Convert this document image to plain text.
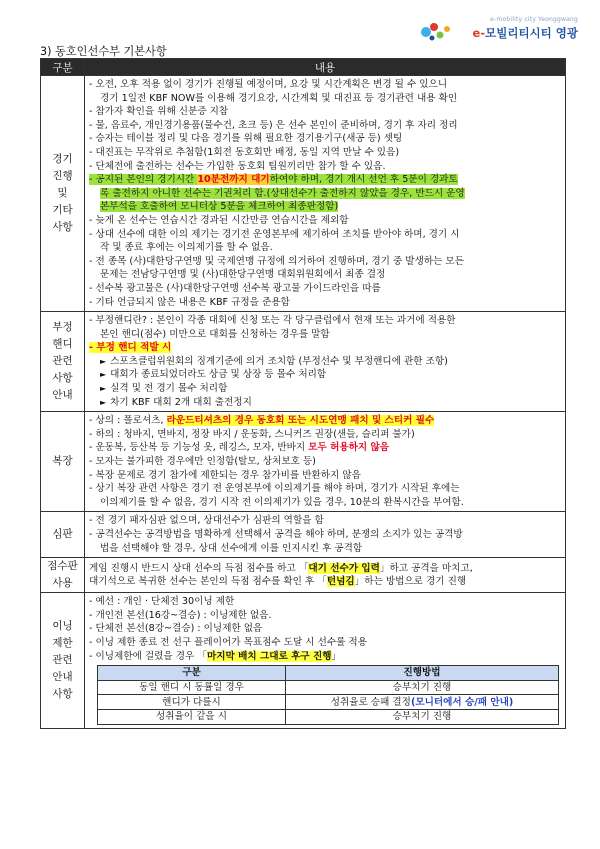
e-mobility city Yeonggwang
e-모빌리티시티 영광
3) 동호인선수부 기본사항
구분	내용

경기
진행
및
기타
사항

- 오전, 오후 적용 없이 경기가 진행될 예정이며, 요강 및 시간계획은 변경 될 수 있으니
경기 1일전 KBF NOW를 이용해 경기요강, 시간계획 및 대진표 등 경기관련 내용 확인
- 참가자 확인을 위해 신분증 지참
- 물, 음료수, 개인경기용품(물수건, 초크 등) 은 선수 본인이 준비하며, 경기 후 자리 정리
- 승자는 테이블 정리 및 다음 경기를 위해 필요한 경기용기구(새공 등) 셋팅
- 대진표는 무작위로 추첨함(1회전 동호회만 배정, 동일 지역 만날 수 있음)
- 단체전에 출전하는 선수는 가입한 동호회 팀원끼리만 참가 할 수 있음.
- 공지된 본인의 경기시간 10분전까지 대기하여야 하며, 경기 개시 선언 후 5분이 경과토
록 출전하지 아니한 선수는 기권처리 함.(상대선수가 출전하지 않았을 경우, 반드시 운영
본부석을 호출하여 모니터상 5분을 체크하여 최종판정함)
- 늦게 온 선수는 연습시간 경과된 시간만큼 연습시간을 제외함
- 상대 선수에 대한 이의 제기는 경기전 운영본부에 제기하여 조치를 받아야 하며, 경기 시
작 및 종료 후에는 이의제기를 할 수 없음.
- 전 종목 (사)대한당구연맹 및 국제연맹 규정에 의거하여 진행하며, 경기 중 발생하는 모든
문제는 전남당구연맹 및 (사)대한당구연맹 대회위원회에서 최종 결정
- 선수복 광고물은 (사)대한당구연맹 선수복 광고물 가이드라인을 따름
- 기타 언급되지 않은 내용은 KBF 규정을 준용함

부정
핸디
관련
사항
안내

- 부정핸디란? : 본인이 각종 대회에 신청 또는 각 당구클럽에서 현재 또는 과거에 적용한
본인 핸디(점수) 미만으로 대회를 신청하는 경우를 말함
- 부정 핸디 적발 시
► 스포츠클럽위원회의 징계기준에 의거 조치함 (부정선수 및 부정핸디에 관한 조항)
► 대회가 종료되었더라도 상금 및 상장 등 몰수 처리함
► 실격 및 전 경기 몰수 처리함
► 차기 KBF 대회 2개 대회 출전정지

복장

- 상의 : 폴로셔츠, 라운드티셔츠의 경우 동호회 또는 시도연맹 패치 및 스티커 필수
- 하의 : 청바지, 면바지, 정장 바지 / 운동화, 스니커즈 권장(샌들, 슬리퍼 불가)
- 운동복, 등산복 등 기능성 옷, 레깅스, 모자, 반바지 모두 허용하지 않음
- 모자는 불가피한 경우에만 인정함(탈모, 상처보호 등)
- 복장 문제로 경기 참가에 제한되는 경우 참가비를 반환하지 않음
- 상기 복장 관련 사항은 경기 전 운영본부에 이의제기를 해야 하며, 경기가 시작된 후에는
이의제기를 할 수 없음, 경기 시작 전 이의제기가 있을 경우, 10분의 환복시간을 부여함.

심판

- 전 경기 패자심판 없으며, 상대선수가 심판의 역할을 함
- 공격선수는 공격방법을 명확하게 선택해서 공격을 해야 하며, 분쟁의 소지가 있는 공격방
법을 선택해야 할 경우, 상대 선수에게 이를 인지시킨 후 공격함

점수판
사용

게임 진행시 반드시 상대 선수의 득점 점수를 하고 「대기 선수가 입력」하고 공격을 마치고,
대기석으로 복귀한 선수는 본인의 득점 점수를 확인 후 「턴넘김」하는 방법으로 경기 진행

이닝
제한
관련
안내
사항

- 예선 : 개인 · 단체전 30이닝 제한
- 개인전 본선(16강~결승) : 이닝제한 없음.
- 단체전 본선(8강~결승) : 이닝제한 없음
- 이닝 제한 종료 전 선구 플레이어가 목표점수 도달 시 선수룰 적용
- 이닝제한에 걸렸을 경우 「마지막 배치 그대로 후구 진행」
구분	진행방법
동일 핸디 시 동률일 경우	승부치기 진행
핸디가 다를시	성취율로 승패 결정(모니터에서 승/패 안내)
성취율이 같을 시	승부치기 진행
